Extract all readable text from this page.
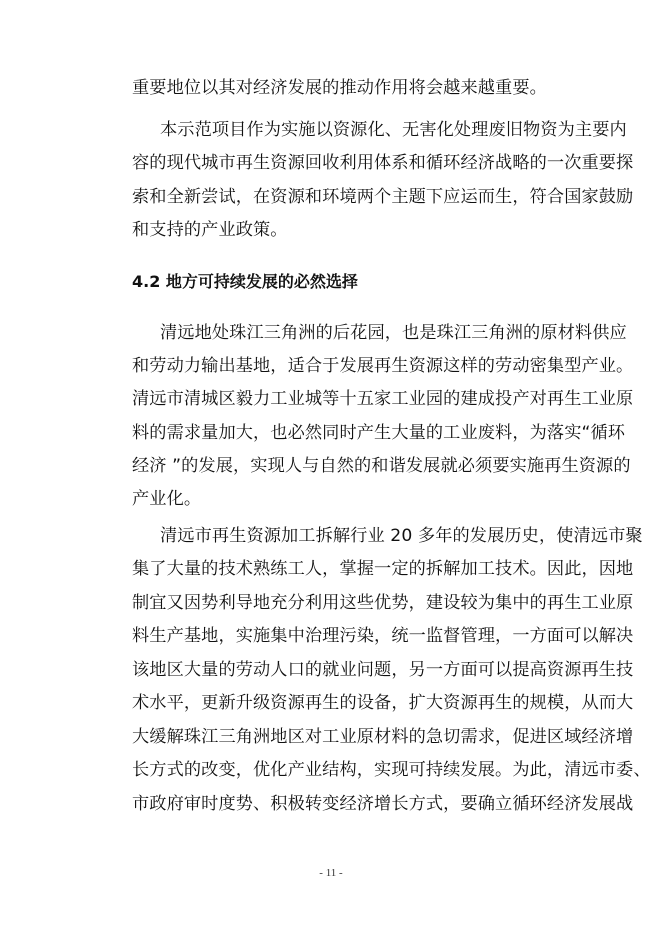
重要地位以其对经济发展的推动作用将会越来越重要。
本示范项目作为实施以资源化、无害化处理废旧物资为主要内
容的现代城市再生资源回收利用体系和循环经济战略的一次重要探
索和全新尝试，在资源和环境两个主题下应运而生，符合国家鼓励
和支持的产业政策。
4.2 地方可持续发展的必然选择
清远地处珠江三角洲的后花园，也是珠江三角洲的原材料供应
和劳动力输出基地，适合于发展再生资源这样的劳动密集型产业。
清远市清城区毅力工业城等十五家工业园的建成投产对再生工业原
料的需求量加大，也必然同时产生大量的工业废料，为落实“循环
经济 ”的发展，实现人与自然的和谐发展就必须要实施再生资源的
产业化。
清远市再生资源加工拆解行业 20 多年的发展历史，使清远市聚
集了大量的技术熟练工人，掌握一定的拆解加工技术。因此，因地
制宜又因势利导地充分利用这些优势，建设较为集中的再生工业原
料生产基地，实施集中治理污染，统一监督管理，一方面可以解决
该地区大量的劳动人口的就业问题，另一方面可以提高资源再生技
术水平，更新升级资源再生的设备，扩大资源再生的规模，从而大
大缓解珠江三角洲地区对工业原材料的急切需求，促进区域经济增
长方式的改变，优化产业结构，实现可持续发展。为此，清远市委、
市政府审时度势、积极转变经济增长方式，要确立循环经济发展战
- 11 -
